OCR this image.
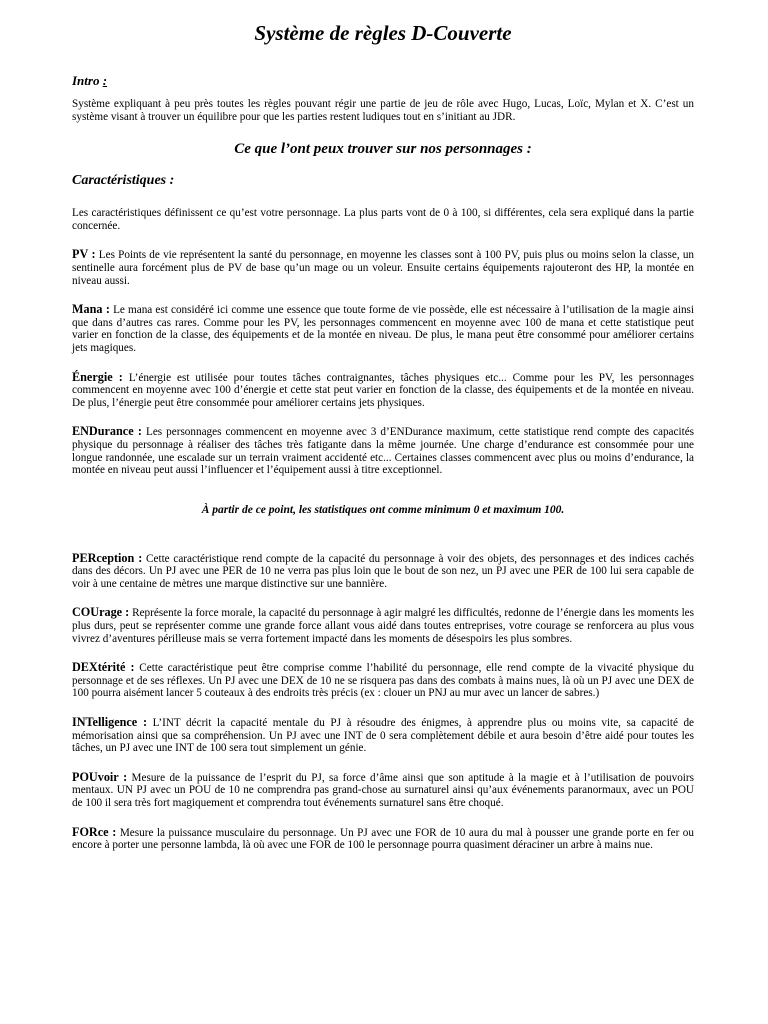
Système de règles D-Couverte
Intro :

Système expliquant à peu près toutes les règles pouvant régir une partie de jeu de rôle avec Hugo, Lucas, Loïc, Mylan et X. C’est un système visant à trouver un équilibre pour que les parties restent ludiques tout en s’initiant au JDR.

Ce que l’ont peux trouver sur nos personnages :
Caractéristiques :

Les caractéristiques définissent ce qu’est votre personnage. La plus parts vont de 0 à 100, si différentes, cela sera expliqué dans la partie concernée.

PV : Les Points de vie représentent la santé du personnage, en moyenne les classes sont à 100 PV, puis plus ou moins selon la classe, un sentinelle aura forcément plus de PV de base qu’un mage ou un voleur. Ensuite certains équipements rajouteront des HP, la montée en niveau aussi.

Mana : Le mana est considéré ici comme une essence que toute forme de vie possède, elle est nécessaire à l’utilisation de la magie ainsi que dans d’autres cas rares. Comme pour les PV, les personnages commencent en moyenne avec 100 de mana et cette statistique peut varier en fonction de la classe, des équipements et de la montée en niveau. De plus, le mana peut être consommé pour améliorer certains jets magiques.

Énergie : L’énergie est utilisée pour toutes tâches contraignantes, tâches physiques etc... Comme pour les PV, les personnages commencent en moyenne avec 100 d’énergie et cette stat peut varier en fonction de la classe, des équipements et de la montée en niveau. De plus, l’énergie peut être consommée pour améliorer certains jets physiques.

ENDurance : Les personnages commencent en moyenne avec 3 d’ENDurance maximum, cette statistique rend compte des capacités physique du personnage à réaliser des tâches très fatigante dans la même journée. Une charge d’endurance est consommée pour une longue randonnée, une escalade sur un terrain vraiment accidenté etc... Certaines classes commencent avec plus ou moins d’endurance, la montée en niveau peut aussi l’influencer et l’équipement aussi à titre exceptionnel.

À partir de ce point, les statistiques ont comme minimum 0 et maximum 100.

PERception : Cette caractéristique rend compte de la capacité du personnage à voir des objets, des personnages et des indices cachés dans des décors. Un PJ avec une PER de 10 ne verra pas plus loin que le bout de son nez, un PJ avec une PER de 100 lui sera capable de voir à une centaine de mètres une marque distinctive sur une bannière.

COUrage : Représente la force morale, la capacité du personnage à agir malgré les difficultés, redonne de l’énergie dans les moments les plus durs, peut se représenter comme une grande force allant vous aidé dans toutes entreprises, votre courage se renforcera au plus vous vivrez d’aventures périlleuse mais se verra fortement impacté dans les moments de désespoirs les plus sombres.

DEXtérité : Cette caractéristique peut être comprise comme l’habilité du personnage, elle rend compte de la vivacité physique du personnage et de ses réflexes. Un PJ avec une DEX de 10 ne se risquera pas dans des combats à mains nues, là où un PJ avec une DEX de 100 pourra aisément lancer 5 couteaux à des endroits très précis (ex : clouer un PNJ au mur avec un lancer de sabres.)

INTelligence : L’INT décrit la capacité mentale du PJ à résoudre des énigmes, à apprendre plus ou moins vite, sa capacité de mémorisation ainsi que sa compréhension. Un PJ avec une INT de 0 sera complètement débile et aura besoin d’être aidé pour toutes les tâches, un PJ avec une INT de 100 sera tout simplement un génie.

POUvoir : Mesure de la puissance de l’esprit du PJ, sa force d’âme ainsi que son aptitude à la magie et à l’utilisation de pouvoirs mentaux. UN PJ avec un POU de 10 ne comprendra pas grand-chose au surnaturel ainsi qu’aux événements paranormaux, avec un POU de 100 il sera très fort magiquement et comprendra tout événements surnaturel sans être choqué.

FORce : Mesure la puissance musculaire du personnage. Un PJ avec une FOR de 10 aura du mal à pousser une grande porte en fer ou encore à porter une personne lambda, là où avec une FOR de 100 le personnage pourra quasiment déraciner un arbre à mains nue.
